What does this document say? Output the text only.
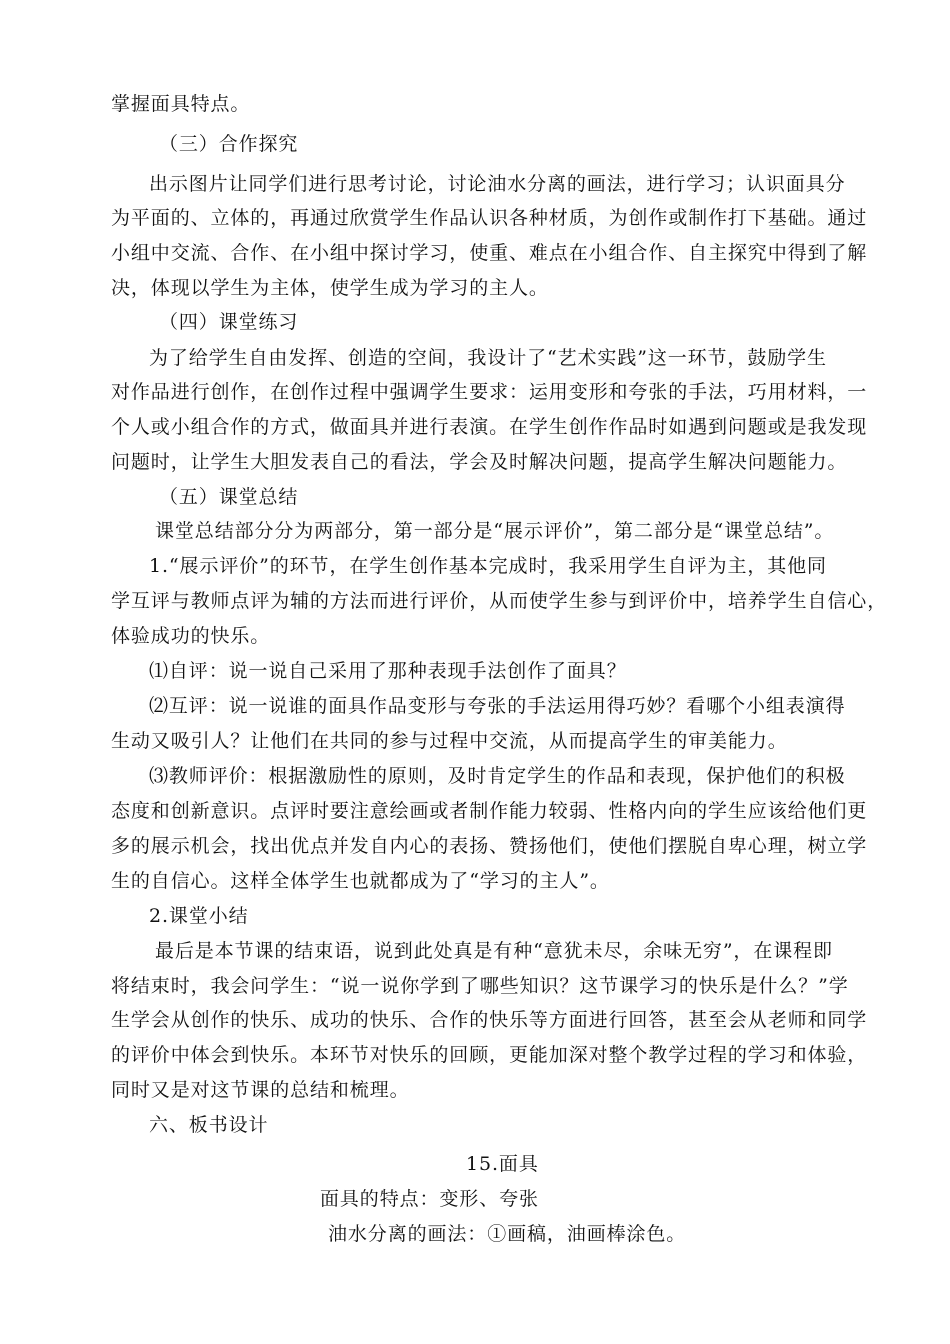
掌握面具特点。
（三）合作探究
出示图片让同学们进行思考讨论，讨论油水分离的画法，进行学习；认识面具分
为平面的、立体的，再通过欣赏学生作品认识各种材质，为创作或制作打下基础。通过
小组中交流、合作、在小组中探讨学习，使重、难点在小组合作、自主探究中得到了解
决，体现以学生为主体，使学生成为学习的主人。
（四）课堂练习
为了给学生自由发挥、创造的空间，我设计了“艺术实践”这一环节，鼓励学生
对作品进行创作，在创作过程中强调学生要求：运用变形和夸张的手法，巧用材料，一
个人或小组合作的方式，做面具并进行表演。在学生创作作品时如遇到问题或是我发现
问题时，让学生大胆发表自己的看法，学会及时解决问题，提高学生解决问题能力。
（五）课堂总结
课堂总结部分分为两部分，第一部分是“展示评价”，第二部分是“课堂总结”。
1.“展示评价”的环节，在学生创作基本完成时，我采用学生自评为主，其他同
学互评与教师点评为辅的方法而进行评价，从而使学生参与到评价中，培养学生自信心，
体验成功的快乐。
⑴自评：说一说自己采用了那种表现手法创作了面具？
⑵互评：说一说谁的面具作品变形与夸张的手法运用得巧妙？看哪个小组表演得
生动又吸引人？让他们在共同的参与过程中交流，从而提高学生的审美能力。
⑶教师评价：根据激励性的原则，及时肯定学生的作品和表现，保护他们的积极
态度和创新意识。点评时要注意绘画或者制作能力较弱、性格内向的学生应该给他们更
多的展示机会，找出优点并发自内心的表扬、赞扬他们，使他们摆脱自卑心理，树立学
生的自信心。这样全体学生也就都成为了“学习的主人”。
2.课堂小结
最后是本节课的结束语，说到此处真是有种“意犹未尽，余味无穷”，在课程即
将结束时，我会问学生：“说一说你学到了哪些知识？这节课学习的快乐是什么？”学
生学会从创作的快乐、成功的快乐、合作的快乐等方面进行回答，甚至会从老师和同学
的评价中体会到快乐。本环节对快乐的回顾，更能加深对整个教学过程的学习和体验，
同时又是对这节课的总结和梳理。
六、板书设计
15.面具
面具的特点：变形、夸张
油水分离的画法：①画稿，油画棒涂色。
